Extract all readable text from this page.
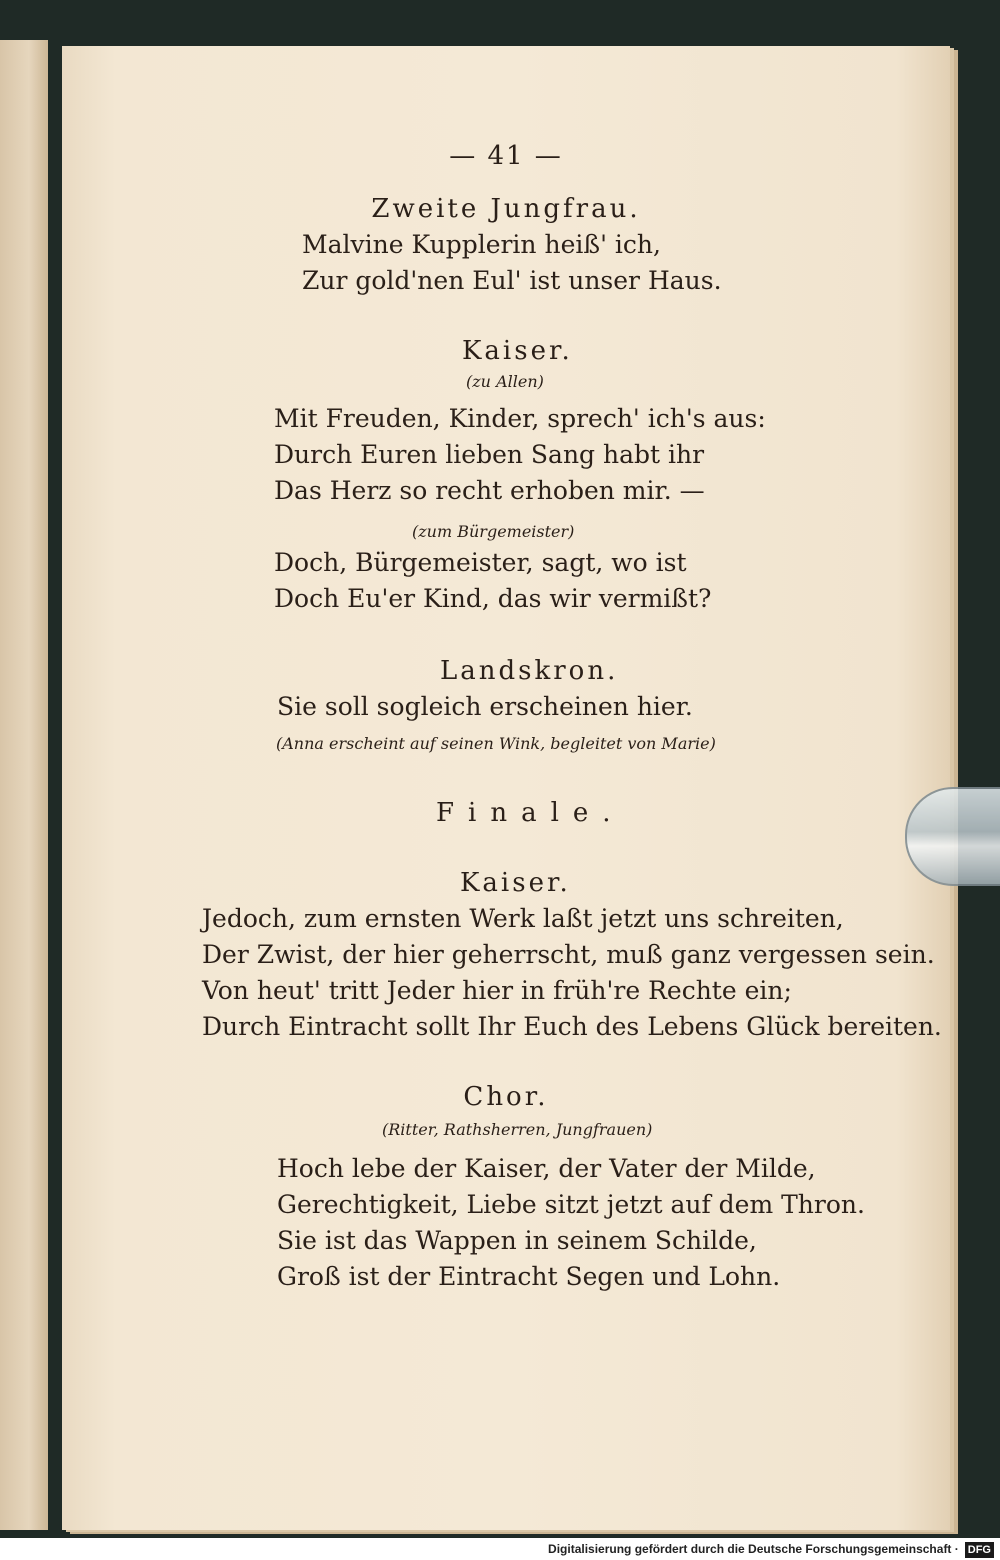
— 41 —
Zweite Jungfrau.
Malvine Kupplerin heiß' ich,
Zur gold'nen Eul' ist unser Haus.
Kaiser.
(zu Allen)
Mit Freuden, Kinder, sprech' ich's aus:
Durch Euren lieben Sang habt ihr
Das Herz so recht erhoben mir. —
(zum Bürgemeister)
Doch, Bürgemeister, sagt, wo ist
Doch Eu'er Kind, das wir vermißt?
Landskron.
Sie soll sogleich erscheinen hier.
(Anna erscheint auf seinen Wink, begleitet von Marie)
Finale.
Kaiser.
Jedoch, zum ernsten Werk laßt jetzt uns schreiten,
Der Zwist, der hier geherrscht, muß ganz vergessen sein.
Von heut' tritt Jeder hier in früh're Rechte ein;
Durch Eintracht sollt Ihr Euch des Lebens Glück bereiten.
Chor.
(Ritter, Rathsherren, Jungfrauen)
Hoch lebe der Kaiser, der Vater der Milde,
Gerechtigkeit, Liebe sitzt jetzt auf dem Thron.
Sie ist das Wappen in seinem Schilde,
Groß ist der Eintracht Segen und Lohn.
Digitalisierung gefördert durch die Deutsche Forschungsgemeinschaft · DFG
